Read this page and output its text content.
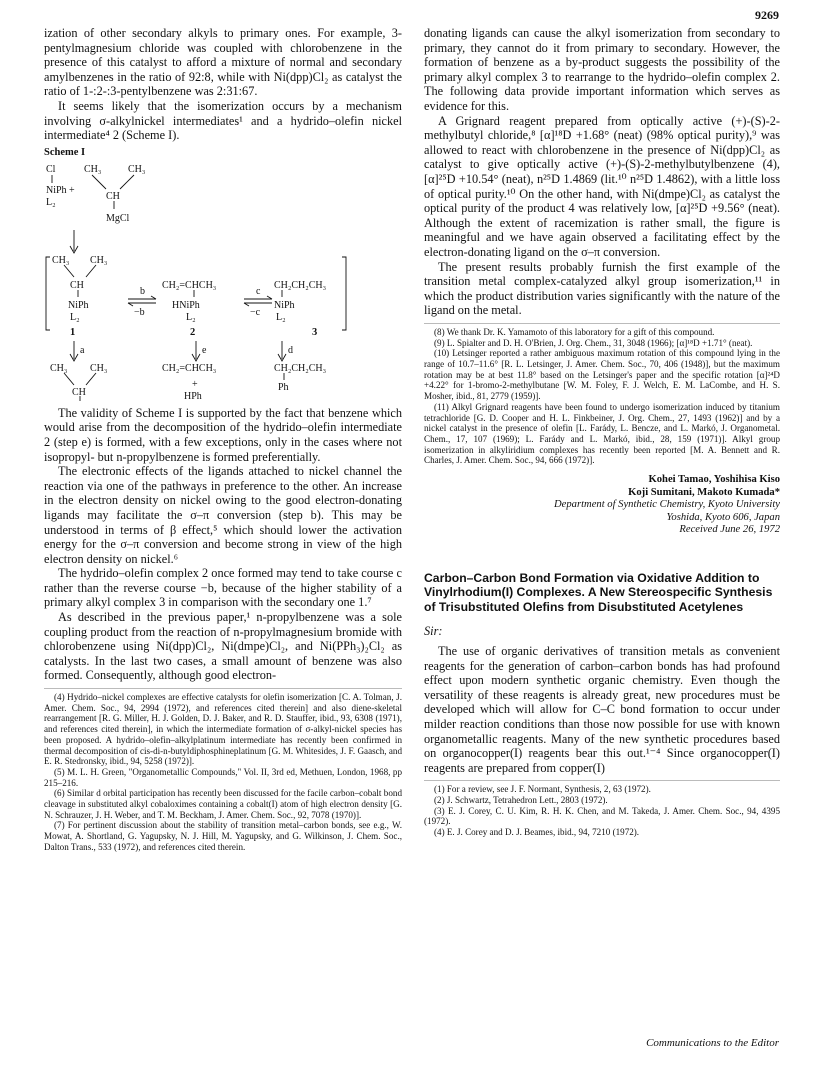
9269

ization of other secondary alkyls to primary ones. For example, 3-pentylmagnesium chloride was coupled with chlorobenzene in the presence of this catalyst to afford a mixture of normal and secondary amylbenzenes in the ratio of 92:8, while with Ni(dpp)Cl₂ as catalyst the ratio of 1-:2-:3-pentylbenzene was 2:31:67.

It seems likely that the isomerization occurs by a mechanism involving σ-alkylnickel intermediates¹ and a hydrido–olefin nickel intermediate⁴ 2 (Scheme I).

Scheme I
Cl	CH₃	CH₃
NiPh +
CH
L₂
MgCl
CH₃ CH₃
CH
NiPh
L₂
1
b
−b
CH₂=CHCH₃
HNiPh
L₂
2
c
−c
CH₂CH₂CH₃
NiPh
L₂
3
a	e	d
CH₃ CH₃
CH
CH₂=CHCH₃
+
HPh
CH₂CH₂CH₃
Ph

The validity of Scheme I is supported by the fact that benzene which would arise from the decomposition of the hydrido–olefin intermediate 2 (step e) is formed, with a few exceptions, only in the cases where not isopropyl- but n-propylbenzene is formed preferentially.

The electronic effects of the ligands attached to nickel channel the reaction via one of the pathways in preference to the other. An increase in the electron density on nickel owing to the good electron-donating ligands may facilitate the σ–π conversion (step b). This may be understood in terms of β effect,⁵ which should lower the activation energy for the σ–π conversion and become strong in view of the high electron density on nickel.⁶

The hydrido–olefin complex 2 once formed may tend to take course c rather than the reverse course −b, because of the higher stability of a primary alkyl complex 3 in comparison with the secondary one 1.⁷

As described in the previous paper,¹ n-propylbenzene was a sole coupling product from the reaction of n-propylmagnesium bromide with chlorobenzene using Ni(dpp)Cl₂, Ni(dmpe)Cl₂, and Ni(PPh₃)₂Cl₂ as catalysts. In the last two cases, a small amount of benzene was also formed. Consequently, although good electron-

(4) Hydrido–nickel complexes are effective catalysts for olefin isomerization [C. A. Tolman, J. Amer. Chem. Soc., 94, 2994 (1972), and references cited therein] and also diene-skeletal rearrangement [R. G. Miller, H. J. Golden, D. J. Baker, and R. D. Stauffer, ibid., 93, 6308 (1971), and references cited therein], in which the intermediate formation of σ-alkyl-nickel species has been proposed. A hydrido–olefin–alkylplatinum intermediate has recently been confirmed in thermal decomposition of cis-di-n-butyldiphosphineplatinum [G. M. Whitesides, J. F. Gaasch, and E. R. Stedronsky, ibid., 94, 5258 (1972)].

(5) M. L. H. Green, "Organometallic Compounds," Vol. II, 3rd ed, Methuen, London, 1968, pp 215–216.

(6) Similar d orbital participation has recently been discussed for the facile carbon–cobalt bond cleavage in substituted alkyl cobaloximes containing a cobalt(I) atom of high electron density [G. N. Schrauzer, J. H. Weber, and T. M. Beckham, J. Amer. Chem. Soc., 92, 7078 (1970)].

(7) For pertinent discussion about the stability of transition metal–carbon bonds, see e.g., W. Mowat, A. Shortland, G. Yagupsky, N. J. Hill, M. Yagupsky, and G. Wilkinson, J. Chem. Soc., Dalton Trans., 533 (1972), and references cited therein.

donating ligands can cause the alkyl isomerization from secondary to primary, they cannot do it from primary to secondary. However, the formation of benzene as a by-product suggests the possibility of the primary alkyl complex 3 to rearrange to the hydrido–olefin complex 2. The following data provide important information which serves as evidence for this.

A Grignard reagent prepared from optically active (+)-(S)-2-methylbutyl chloride,⁸ [α]¹⁸D +1.68° (neat) (98% optical purity),⁹ was allowed to react with chlorobenzene in the presence of Ni(dpp)Cl₂ as catalyst to give optically active (+)-(S)-2-methylbutylbenzene (4), [α]²⁵D +10.54° (neat), n²⁵D 1.4869 (lit.¹⁰ n²⁵D 1.4862), with a little loss of optical purity.¹⁰ On the other hand, with Ni(dmpe)Cl₂ as catalyst the optical purity of the product 4 was relatively low, [α]²⁵D +9.56° (neat). Although the extent of racemization is rather small, the figure is meaningful and we have again observed a facilitating effect by the electron-donating ligand on the σ–π conversion.

The present results probably furnish the first example of the transition metal complex-catalyzed alkyl group isomerization,¹¹ in which the product distribution varies significantly with the nature of the ligand on the metal.

(8) We thank Dr. K. Yamamoto of this laboratory for a gift of this compound.

(9) L. Spialter and D. H. O'Brien, J. Org. Chem., 31, 3048 (1966); [α]¹⁸D +1.71° (neat).

(10) Letsinger reported a rather ambiguous maximum rotation of this compound lying in the range of 10.7–11.6° [R. L. Letsinger, J. Amer. Chem. Soc., 70, 406 (1948)], but the maximum rotation may be at best 11.8° based on the Letsinger's paper and the specific rotation [α]²⁴D +4.22° for 1-bromo-2-methylbutane [W. M. Foley, F. J. Welch, E. M. LaCombe, and H. S. Mosher, ibid., 81, 2779 (1959)].

(11) Alkyl Grignard reagents have been found to undergo isomerization induced by titanium tetrachloride [G. D. Cooper and H. L. Finkbeiner, J. Org. Chem., 27, 1493 (1962)] and by a nickel catalyst in the presence of olefin [L. Farády, L. Bencze, and L. Markó, J. Organometal. Chem., 17, 107 (1969); L. Farády and L. Markó, ibid., 28, 159 (1971)]. Alkyl group isomerization in alkyliridium complexes has recently been reported [M. A. Bennett and R. Charles, J. Amer. Chem. Soc., 94, 666 (1972)].

Kohei Tamao, Yoshihisa Kiso
Koji Sumitani, Makoto Kumada*
Department of Synthetic Chemistry, Kyoto University
Yoshida, Kyoto 606, Japan
Received June 26, 1972
Carbon–Carbon Bond Formation via Oxidative Addition to Vinylrhodium(I) Complexes. A New Stereospecific Synthesis of Trisubstituted Olefins from Disubstituted Acetylenes
Sir:

The use of organic derivatives of transition metals as convenient reagents for the generation of carbon–carbon bonds has had profound effect upon modern synthetic organic chemistry. Even though the versatility of these reagents is already great, new procedures must be developed which will allow for C–C bond formation to occur under milder reaction conditions than those now possible for use with known organometallic reagents. Many of the new synthetic procedures based on organocopper(I) reagents bear this out.¹⁻⁴ Since organocopper(I) reagents are prepared from copper(I)

(1) For a review, see J. F. Normant, Synthesis, 2, 63 (1972).

(2) J. Schwartz, Tetrahedron Lett., 2803 (1972).

(3) E. J. Corey, C. U. Kim, R. H. K. Chen, and M. Takeda, J. Amer. Chem. Soc., 94, 4395 (1972).

(4) E. J. Corey and D. J. Beames, ibid., 94, 7210 (1972).

Communications to the Editor
